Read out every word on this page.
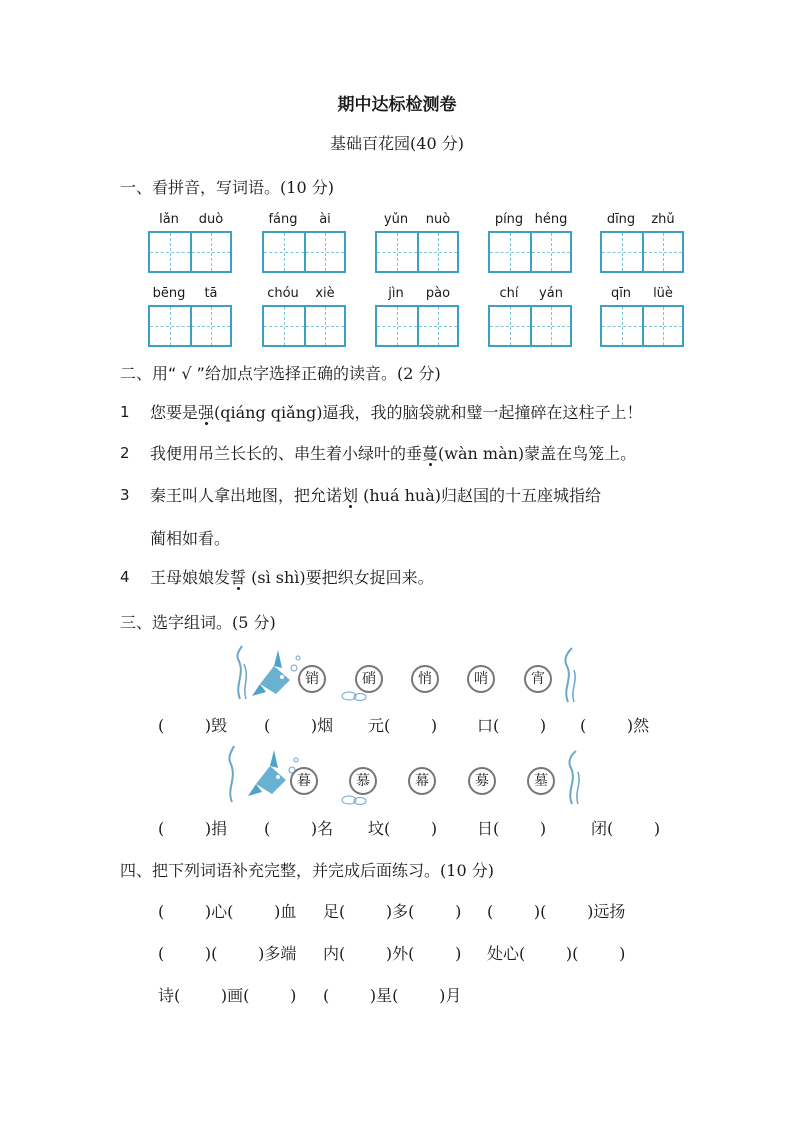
期中达标检测卷
基础百花园(40 分)
一、看拼音，写词语。(10 分)
lǎn	duò	fáng	ài	yǔn	nuò	píng héng	dīng	zhǔ
bēng	tā	chóu	xiè	jìn	pào	chí	yán	qīn	lüè
二、用“ √ ”给加点字选择正确的读音。(2 分)
1 您要是强(qiáng qiǎng)逼我，我的脑袋就和璧一起撞碎在这柱子上！
2 我便用吊兰长长的、串生着小绿叶的垂蔓(wàn màn)蒙盖在鸟笼上。
3 秦王叫人拿出地图，把允诺划 (huá huà)归赵国的十五座城指给
蔺相如看。
4 王母娘娘发誓 (sì shì)要把织女捉回来。
三、选字组词。(5 分)
销	硝	悄	哨	宵
(        )毁 (        )烟 元(        ) 口(        ) (        )然
暮	慕	幕	募	墓
(        )捐 (        )名 坟(        ) 日(        )	闭(        )
四、把下列词语补充完整，并完成后面练习。(10 分)
(        )心(        )血 足(        )多(        ) (        )(        )远扬
(        )(        )多端 内(        )外(        ) 处心(        )(        )
诗(        )画(        ) (        )星(        )月
